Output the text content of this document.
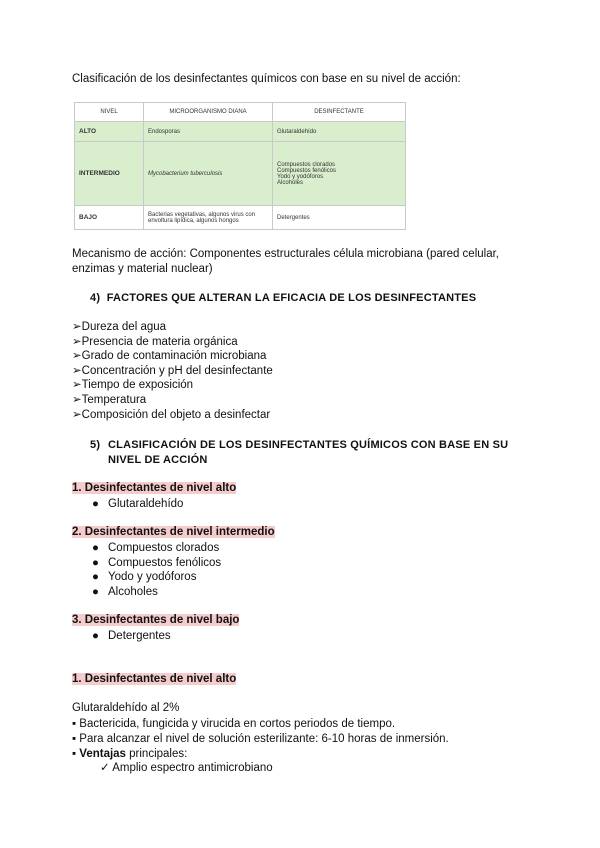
Clasificación de los desinfectantes químicos con base en su nivel de acción:
NIVEL	MICROORGANISMO DIANA	DESINFECTANTE
ALTO	Endosporas	Glutaraldehído
INTERMEDIO	Mycobacterium tuberculosis	Compuestos clorados
Compuestos fenólicos
Yodo y yodóforos
Alcoholes

BAJO	Bacterias vegetativas, algunos virus con envoltura lipídica, algunos hongos	Detergentes
Mecanismo de acción: Componentes estructurales célula microbiana (pared celular, enzimas y material nuclear)
4) FACTORES QUE ALTERAN LA EFICACIA DE LOS DESINFECTANTES
➢Dureza del agua
➢Presencia de materia orgánica
➢Grado de contaminación microbiana
➢Concentración y pH del desinfectante
➢Tiempo de exposición
➢Temperatura
➢Composición del objeto a desinfectar
5) CLASIFICACIÓN DE LOS DESINFECTANTES QUÍMICOS CON BASE EN SU
NIVEL DE ACCIÓN
1. Desinfectantes de nivel alto
● Glutaraldehído
2. Desinfectantes de nivel intermedio
● Compuestos clorados
● Compuestos fenólicos
● Yodo y yodóforos
● Alcoholes
3. Desinfectantes de nivel bajo
● Detergentes
1. Desinfectantes de nivel alto
Glutaraldehído al 2%
▪ Bactericida, fungicida y virucida en cortos periodos de tiempo.
▪ Para alcanzar el nivel de solución esterilizante: 6-10 horas de inmersión.
▪ Ventajas principales:
✓ Amplio espectro antimicrobiano
